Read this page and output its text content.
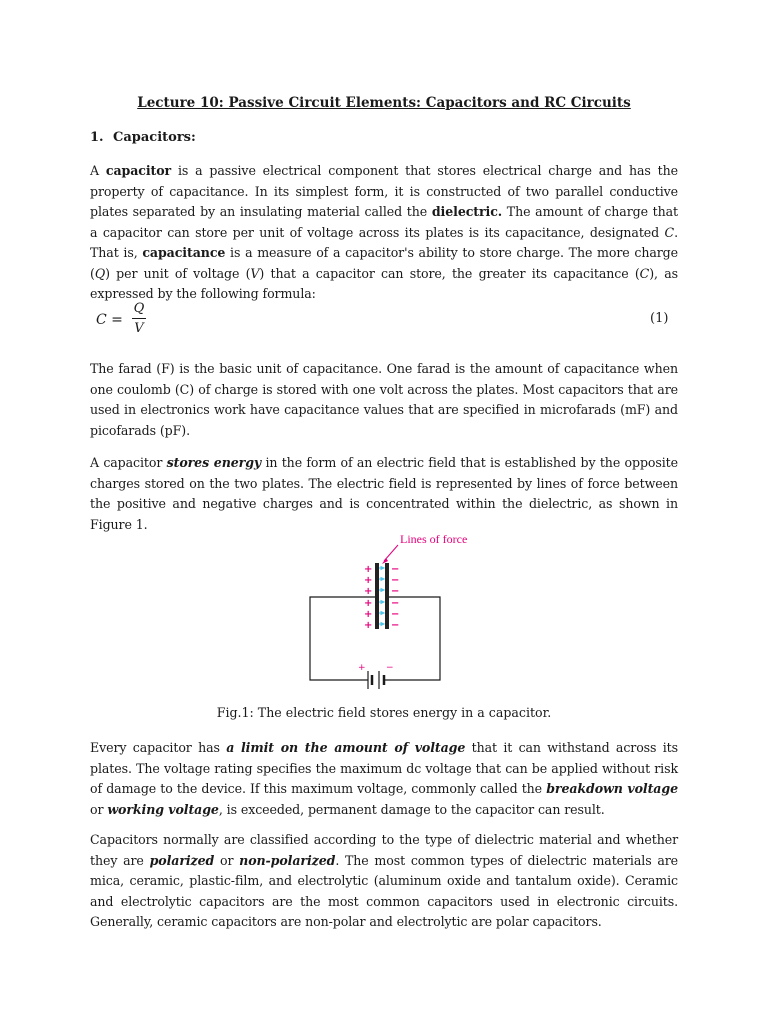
Lecture 10: Passive Circuit Elements: Capacitors and RC Circuits
1. Capacitors:
A capacitor is a passive electrical component that stores electrical charge and has the property of capacitance. In its simplest form, it is constructed of two parallel conductive plates separated by an insulating material called the dielectric. The amount of charge that a capacitor can store per unit of voltage across its plates is its capacitance, designated C. That is, capacitance is a measure of a capacitor's ability to store charge. The more charge (Q) per unit of voltage (V) that a capacitor can store, the greater its capacitance (C), as expressed by the following formula:
C =
Q
V
(1)
The farad (F) is the basic unit of capacitance. One farad is the amount of capacitance when one coulomb (C) of charge is stored with one volt across the plates. Most capacitors that are used in electronics work have capacitance values that are specified in microfarads (mF) and picofarads (pF).
A capacitor stores energy in the form of an electric field that is established by the opposite charges stored on the two plates. The electric field is represented by lines of force between the positive and negative charges and is concentrated within the dielectric, as shown in Figure 1.
Lines of force
+
+
+
+
+
+
−
−
−
−
−
−
+ −
Fig.1: The electric field stores energy in a capacitor.
Every capacitor has a limit on the amount of voltage that it can withstand across its plates. The voltage rating specifies the maximum dc voltage that can be applied without risk of damage to the device. If this maximum voltage, commonly called the breakdown voltage or working voltage, is exceeded, permanent damage to the capacitor can result.
Capacitors normally are classified according to the type of dielectric material and whether they are polarized or non-polarized. The most common types of dielectric materials are mica, ceramic, plastic-film, and electrolytic (aluminum oxide and tantalum oxide). Ceramic and electrolytic capacitors are the most common capacitors used in electronic circuits. Generally, ceramic capacitors are non-polar and electrolytic are polar capacitors.
